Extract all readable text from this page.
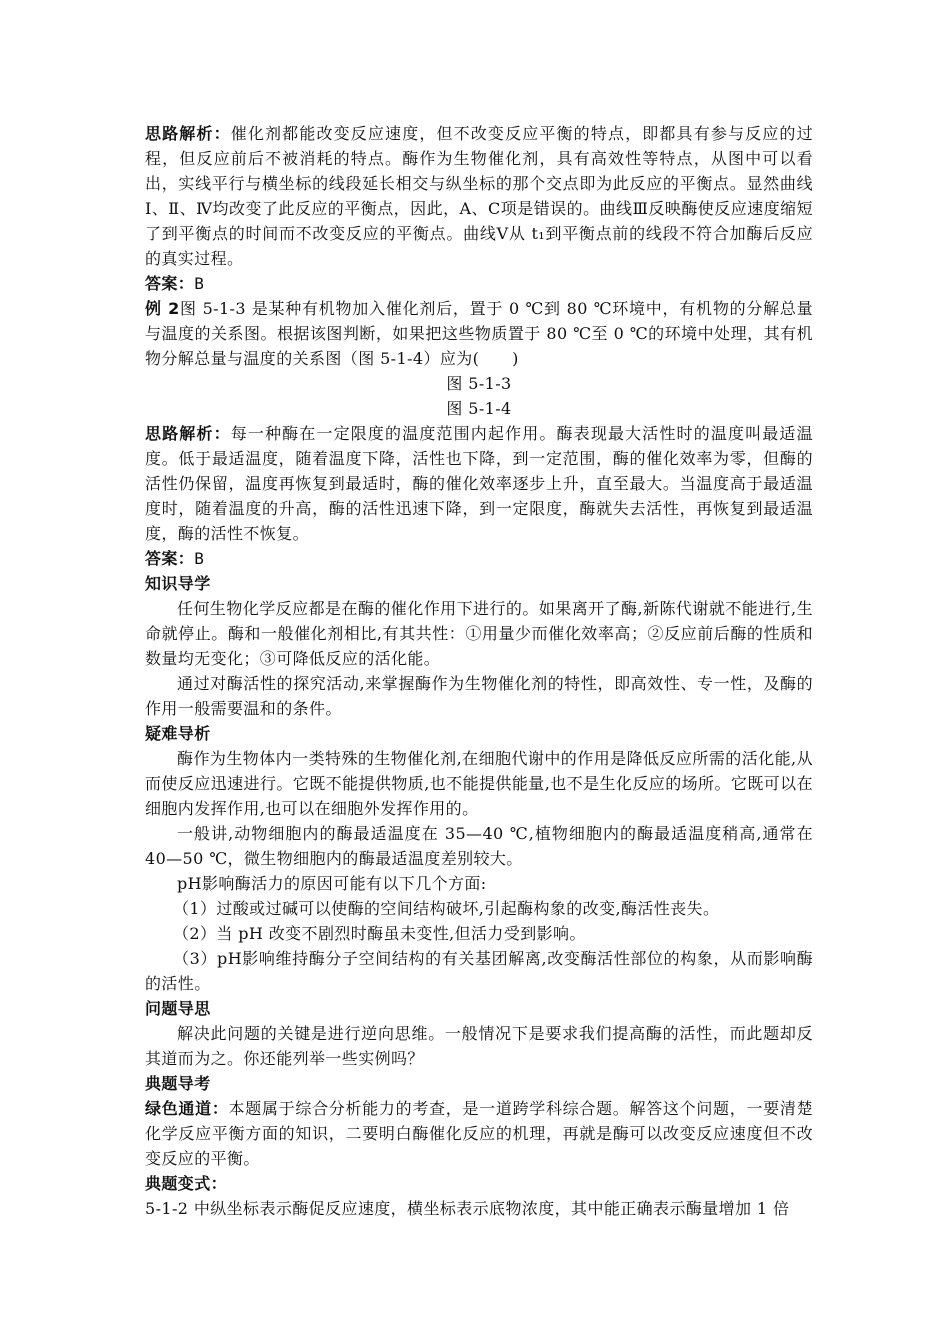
思路解析：催化剂都能改变反应速度，但不改变反应平衡的特点，即都具有参与反应的过程，但反应前后不被消耗的特点。酶作为生物催化剂，具有高效性等特点，从图中可以看出，实线平行与横坐标的线段延长相交与纵坐标的那个交点即为此反应的平衡点。显然曲线Ⅰ、Ⅱ、Ⅳ均改变了此反应的平衡点，因此，A、C项是错误的。曲线Ⅲ反映酶使反应速度缩短了到平衡点的时间而不改变反应的平衡点。曲线Ⅴ从 t₁到平衡点前的线段不符合加酶后反应的真实过程。

答案：B

例 2图 5-1-3 是某种有机物加入催化剂后，置于 0 ℃到 80 ℃环境中，有机物的分解总量与温度的关系图。根据该图判断，如果把这些物质置于 80 ℃至 0 ℃的环境中处理，其有机物分解总量与温度的关系图（图 5-1-4）应为(　　)

图 5-1-3

图 5-1-4

思路解析：每一种酶在一定限度的温度范围内起作用。酶表现最大活性时的温度叫最适温度。低于最适温度，随着温度下降，活性也下降，到一定范围，酶的催化效率为零，但酶的活性仍保留，温度再恢复到最适时，酶的催化效率逐步上升，直至最大。当温度高于最适温度时，随着温度的升高，酶的活性迅速下降，到一定限度，酶就失去活性，再恢复到最适温度，酶的活性不恢复。

答案：B

知识导学

任何生物化学反应都是在酶的催化作用下进行的。如果离开了酶,新陈代谢就不能进行,生命就停止。酶和一般催化剂相比,有其共性：①用量少而催化效率高；②反应前后酶的性质和数量均无变化；③可降低反应的活化能。

通过对酶活性的探究活动,来掌握酶作为生物催化剂的特性，即高效性、专一性，及酶的作用一般需要温和的条件。

疑难导析

酶作为生物体内一类特殊的生物催化剂,在细胞代谢中的作用是降低反应所需的活化能,从而使反应迅速进行。它既不能提供物质,也不能提供能量,也不是生化反应的场所。它既可以在细胞内发挥作用,也可以在细胞外发挥作用的。

一般讲,动物细胞内的酶最适温度在 35—40 ℃,植物细胞内的酶最适温度稍高,通常在 40—50 ℃，微生物细胞内的酶最适温度差别较大。

pH影响酶活力的原因可能有以下几个方面:

（1）过酸或过碱可以使酶的空间结构破坏,引起酶构象的改变,酶活性丧失。

（2）当 pH 改变不剧烈时酶虽未变性,但活力受到影响。

（3）pH影响维持酶分子空间结构的有关基团解离,改变酶活性部位的构象，从而影响酶的活性。

问题导思

解决此问题的关键是进行逆向思维。一般情况下是要求我们提高酶的活性，而此题却反其道而为之。你还能列举一些实例吗？

典题导考

绿色通道：本题属于综合分析能力的考查，是一道跨学科综合题。解答这个问题，一要清楚化学反应平衡方面的知识，二要明白酶催化反应的机理，再就是酶可以改变反应速度但不改变反应的平衡。

典题变式：

5-1-2 中纵坐标表示酶促反应速度，横坐标表示底物浓度，其中能正确表示酶量增加 1 倍
